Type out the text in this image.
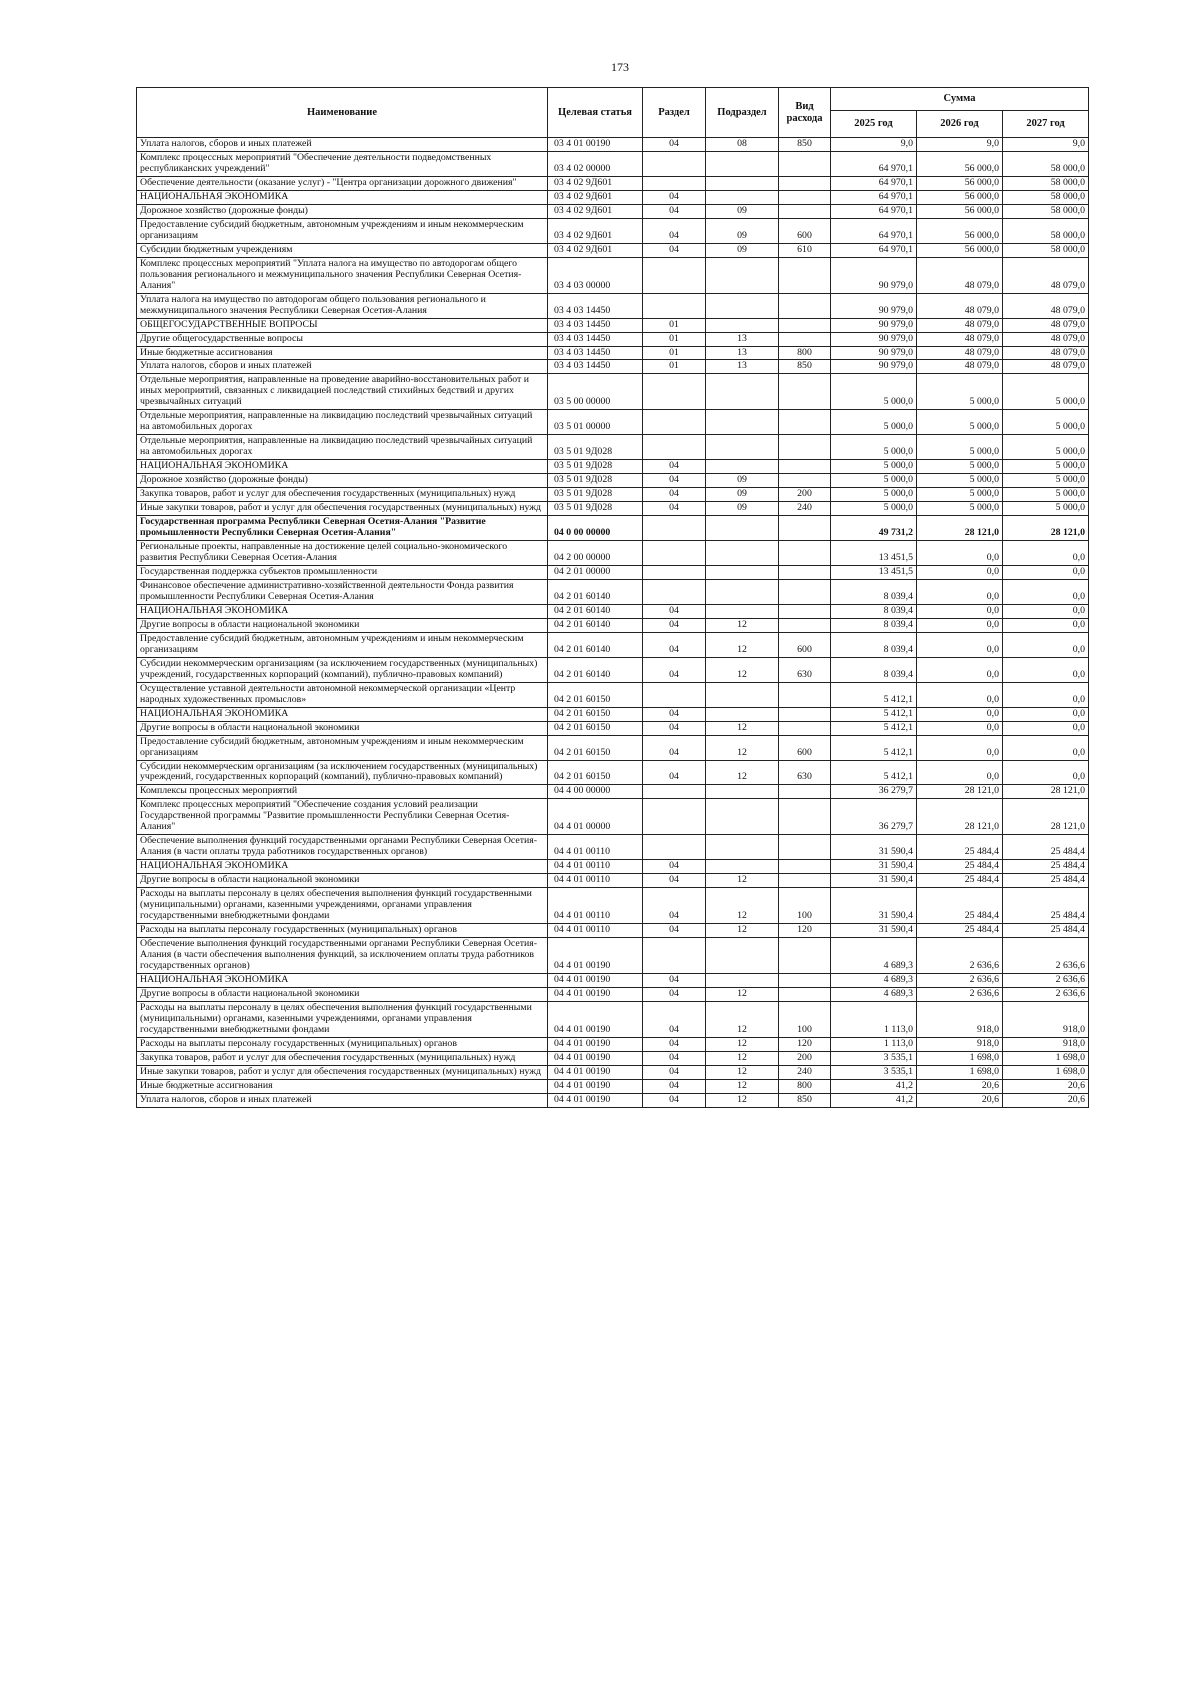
173
Наименование	Целевая статья	Раздел	Подраздел	Вид расхода	Сумма		
					2025 год	2026 год	2027 год
Уплата налогов, сборов и иных платежей	03 4 01 00190	04	08	850	9,0	9,0	9,0
Комплекс процессных мероприятий "Обеспечение деятельности подведомственных республиканских учреждений"	03 4 02 00000				64 970,1	56 000,0	58 000,0
Обеспечение деятельности (оказание услуг) - "Центра организации дорожного движения"	03 4 02 9Д601				64 970,1	56 000,0	58 000,0
НАЦИОНАЛЬНАЯ ЭКОНОМИКА	03 4 02 9Д601	04			64 970,1	56 000,0	58 000,0
Дорожное хозяйство (дорожные фонды)	03 4 02 9Д601	04	09		64 970,1	56 000,0	58 000,0
Предоставление субсидий бюджетным, автономным учреждениям и иным некоммерческим организациям	03 4 02 9Д601	04	09	600	64 970,1	56 000,0	58 000,0
Субсидии бюджетным учреждениям	03 4 02 9Д601	04	09	610	64 970,1	56 000,0	58 000,0
Комплекс процессных мероприятий "Уплата налога на имущество по автодорогам общего пользования регионального и межмуниципального значения Республики Северная Осетия-Алания"	03 4 03 00000				90 979,0	48 079,0	48 079,0
Уплата налога на имущество по автодорогам общего пользования регионального и межмуниципального значения Республики Северная Осетия-Алания	03 4 03 14450				90 979,0	48 079,0	48 079,0
ОБЩЕГОСУДАРСТВЕННЫЕ ВОПРОСЫ	03 4 03 14450	01			90 979,0	48 079,0	48 079,0
Другие общегосударственные вопросы	03 4 03 14450	01	13		90 979,0	48 079,0	48 079,0
Иные бюджетные ассигнования	03 4 03 14450	01	13	800	90 979,0	48 079,0	48 079,0
Уплата налогов, сборов и иных платежей	03 4 03 14450	01	13	850	90 979,0	48 079,0	48 079,0
Отдельные мероприятия, направленные на проведение аварийно-восстановительных работ и иных мероприятий, связанных с ликвидацией последствий стихийных бедствий и других чрезвычайных ситуаций	03 5 00 00000				5 000,0	5 000,0	5 000,0
Отдельные мероприятия, направленные на ликвидацию последствий чрезвычайных ситуаций на автомобильных дорогах	03 5 01 00000				5 000,0	5 000,0	5 000,0
Отдельные мероприятия, направленные на ликвидацию последствий чрезвычайных ситуаций на автомобильных дорогах	03 5 01 9Д028				5 000,0	5 000,0	5 000,0
НАЦИОНАЛЬНАЯ ЭКОНОМИКА	03 5 01 9Д028	04			5 000,0	5 000,0	5 000,0
Дорожное хозяйство (дорожные фонды)	03 5 01 9Д028	04	09		5 000,0	5 000,0	5 000,0
Закупка товаров, работ и услуг для обеспечения государственных (муниципальных) нужд	03 5 01 9Д028	04	09	200	5 000,0	5 000,0	5 000,0
Иные закупки товаров, работ и услуг для обеспечения государственных (муниципальных) нужд	03 5 01 9Д028	04	09	240	5 000,0	5 000,0	5 000,0
Государственная программа Республики Северная Осетия-Алания "Развитие промышленности Республики Северная Осетия-Алания"	04 0 00 00000				49 731,2	28 121,0	28 121,0
Региональные проекты, направленные на достижение целей социально-экономического развития Республики Северная Осетия-Алания	04 2 00 00000				13 451,5	0,0	0,0
Государственная поддержка субъектов промышленности	04 2 01 00000				13 451,5	0,0	0,0
Финансовое обеспечение административно-хозяйственной деятельности Фонда развития промышленности Республики Северная Осетия-Алания	04 2 01 60140				8 039,4	0,0	0,0
НАЦИОНАЛЬНАЯ ЭКОНОМИКА	04 2 01 60140	04			8 039,4	0,0	0,0
Другие вопросы в области национальной экономики	04 2 01 60140	04	12		8 039,4	0,0	0,0
Предоставление субсидий бюджетным, автономным учреждениям и иным некоммерческим организациям	04 2 01 60140	04	12	600	8 039,4	0,0	0,0
Субсидии некоммерческим организациям (за исключением государственных (муниципальных) учреждений, государственных корпораций (компаний), публично-правовых компаний)	04 2 01 60140	04	12	630	8 039,4	0,0	0,0
Осуществление уставной деятельности автономной некоммерческой организации «Центр народных художественных промыслов»	04 2 01 60150				5 412,1	0,0	0,0
НАЦИОНАЛЬНАЯ ЭКОНОМИКА	04 2 01 60150	04			5 412,1	0,0	0,0
Другие вопросы в области национальной экономики	04 2 01 60150	04	12		5 412,1	0,0	0,0
Предоставление субсидий бюджетным, автономным учреждениям и иным некоммерческим организациям	04 2 01 60150	04	12	600	5 412,1	0,0	0,0
Субсидии некоммерческим организациям (за исключением государственных (муниципальных) учреждений, государственных корпораций (компаний), публично-правовых компаний)	04 2 01 60150	04	12	630	5 412,1	0,0	0,0
Комплексы процессных мероприятий	04 4 00 00000				36 279,7	28 121,0	28 121,0
Комплекс процессных мероприятий "Обеспечение создания условий реализации Государственной программы "Развитие промышленности Республики Северная Осетия-Алания"	04 4 01 00000				36 279,7	28 121,0	28 121,0
Обеспечение выполнения функций государственными органами Республики Северная Осетия-Алания (в части оплаты труда работников государственных органов)	04 4 01 00110				31 590,4	25 484,4	25 484,4
НАЦИОНАЛЬНАЯ ЭКОНОМИКА	04 4 01 00110	04			31 590,4	25 484,4	25 484,4
Другие вопросы в области национальной экономики	04 4 01 00110	04	12		31 590,4	25 484,4	25 484,4
Расходы на выплаты персоналу в целях обеспечения выполнения функций государственными (муниципальными) органами, казенными учреждениями, органами управления государственными внебюджетными фондами	04 4 01 00110	04	12	100	31 590,4	25 484,4	25 484,4
Расходы на выплаты персоналу государственных (муниципальных) органов	04 4 01 00110	04	12	120	31 590,4	25 484,4	25 484,4
Обеспечение выполнения функций государственными органами Республики Северная Осетия-Алания (в части обеспечения выполнения функций, за исключением оплаты труда работников государственных органов)	04 4 01 00190				4 689,3	2 636,6	2 636,6
НАЦИОНАЛЬНАЯ ЭКОНОМИКА	04 4 01 00190	04			4 689,3	2 636,6	2 636,6
Другие вопросы в области национальной экономики	04 4 01 00190	04	12		4 689,3	2 636,6	2 636,6
Расходы на выплаты персоналу в целях обеспечения выполнения функций государственными (муниципальными) органами, казенными учреждениями, органами управления государственными внебюджетными фондами	04 4 01 00190	04	12	100	1 113,0	918,0	918,0
Расходы на выплаты персоналу государственных (муниципальных) органов	04 4 01 00190	04	12	120	1 113,0	918,0	918,0
Закупка товаров, работ и услуг для обеспечения государственных (муниципальных) нужд	04 4 01 00190	04	12	200	3 535,1	1 698,0	1 698,0
Иные закупки товаров, работ и услуг для обеспечения государственных (муниципальных) нужд	04 4 01 00190	04	12	240	3 535,1	1 698,0	1 698,0
Иные бюджетные ассигнования	04 4 01 00190	04	12	800	41,2	20,6	20,6
Уплата налогов, сборов и иных платежей	04 4 01 00190	04	12	850	41,2	20,6	20,6
